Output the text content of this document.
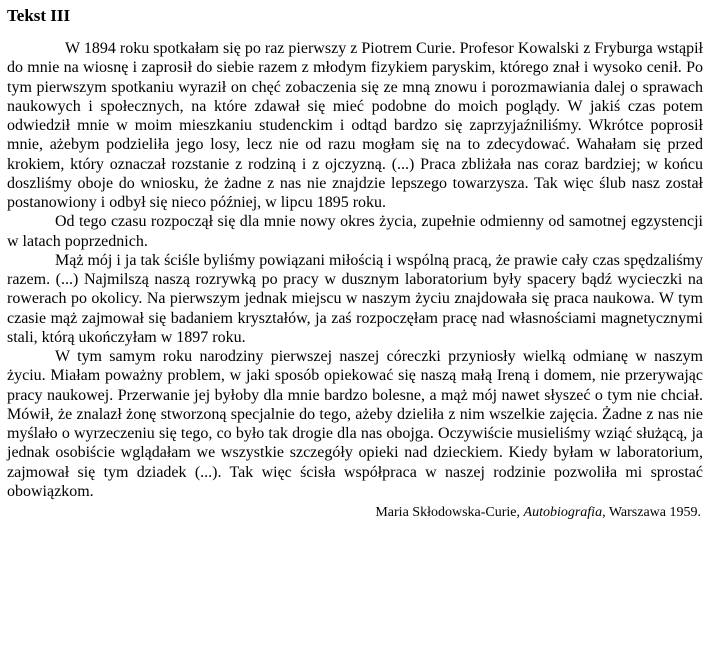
Tekst III

W 1894 roku spotkałam się po raz pierwszy z Piotrem Curie. Profesor Kowalski z Fryburga wstąpił do mnie na wiosnę i zaprosił do siebie razem z młodym fizykiem paryskim, którego znał i wysoko cenił. Po tym pierwszym spotkaniu wyraził on chęć zobaczenia się ze mną znowu i porozmawiania dalej o sprawach naukowych i społecznych, na które zdawał się mieć podobne do moich poglądy. W jakiś czas potem odwiedził mnie w moim mieszkaniu studenckim i odtąd bardzo się zaprzyjaźniliśmy. Wkrótce poprosił mnie, ażebym podzieliła jego losy, lecz nie od razu mogłam się na to zdecydować. Wahałam się przed krokiem, który oznaczał rozstanie z rodziną i z ojczyzną. (...) Praca zbliżała nas coraz bardziej; w końcu doszliśmy oboje do wniosku, że żadne z nas nie znajdzie lepszego towarzysza. Tak więc ślub nasz został postanowiony i odbył się nieco później, w lipcu 1895 roku.

Od tego czasu rozpoczął się dla mnie nowy okres życia, zupełnie odmienny od samotnej egzystencji w latach poprzednich.

Mąż mój i ja tak ściśle byliśmy powiązani miłością i wspólną pracą, że prawie cały czas spędzaliśmy razem. (...) Najmilszą naszą rozrywką po pracy w dusznym laboratorium były spacery bądź wycieczki na rowerach po okolicy. Na pierwszym jednak miejscu w naszym życiu znajdowała się praca naukowa. W tym czasie mąż zajmował się badaniem kryształów, ja zaś rozpoczęłam pracę nad własnościami magnetycznymi stali, którą ukończyłam w 1897 roku.

W tym samym roku narodziny pierwszej naszej córeczki przyniosły wielką odmianę w naszym życiu. Miałam poważny problem, w jaki sposób opiekować się naszą małą Ireną i domem, nie przerywając pracy naukowej. Przerwanie jej byłoby dla mnie bardzo bolesne, a mąż mój nawet słyszeć o tym nie chciał. Mówił, że znalazł żonę stworzoną specjalnie do tego, ażeby dzieliła z nim wszelkie zajęcia. Żadne z nas nie myślało o wyrzeczeniu się tego, co było tak drogie dla nas obojga. Oczywiście musieliśmy wziąć służącą, ja jednak osobiście wglądałam we wszystkie szczegóły opieki nad dzieckiem. Kiedy byłam w laboratorium, zajmował się tym dziadek (...). Tak więc ścisła współpraca w naszej rodzinie pozwoliła mi sprostać obowiązkom.

Maria Skłodowska-Curie, Autobiografia, Warszawa 1959.
